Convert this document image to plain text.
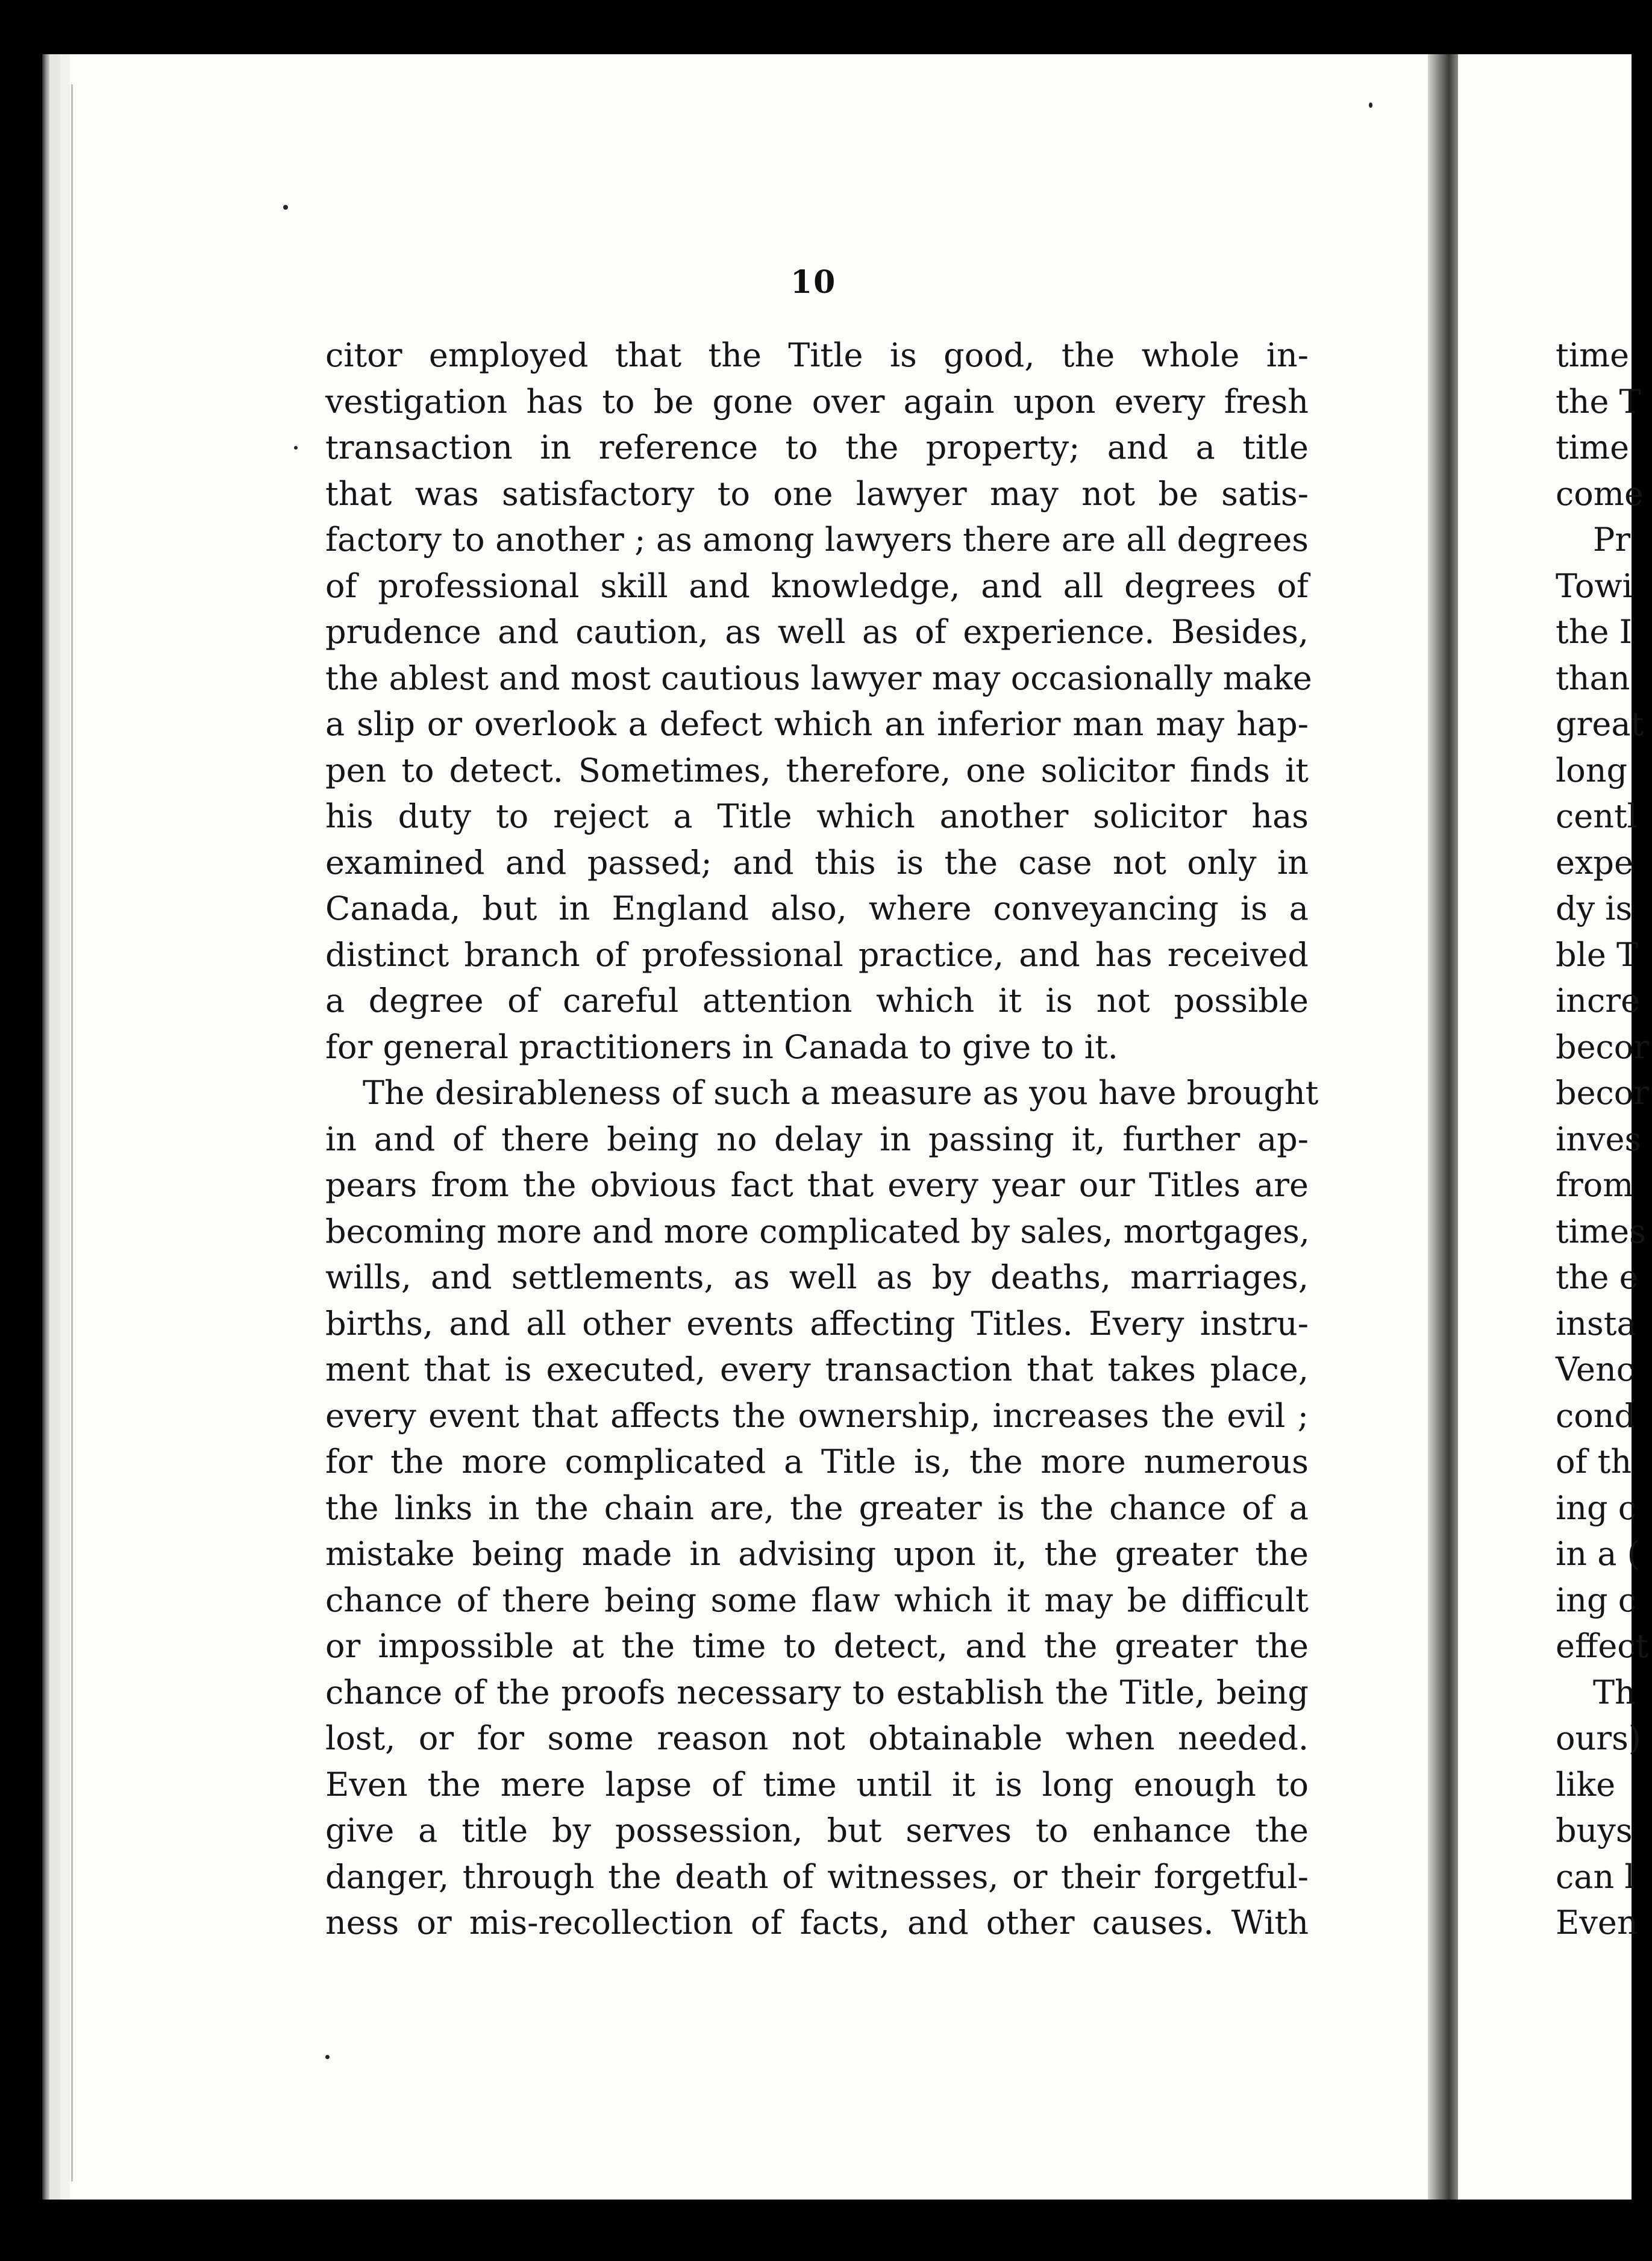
10
citor employed that the Title is good, the whole in-
vestigation has to be gone over again upon every fresh
transaction in reference to the property; and a title
that was satisfactory to one lawyer may not be satis-
factory to another ; as among lawyers there are all degrees
of professional skill and knowledge, and all degrees of
prudence and caution, as well as of experience. Besides,
the ablest and most cautious lawyer may occasionally make
a slip or overlook a defect which an inferior man may hap-
pen to detect. Sometimes, therefore, one solicitor finds it
his duty to reject a Title which another solicitor has
examined and passed; and this is the case not only in
Canada, but in England also, where conveyancing is a
distinct branch of professional practice, and has received
a degree of careful attention which it is not possible
for general practitioners in Canada to give to it.
The desirableness of such a measure as you have brought
in and of there being no delay in passing it, further ap-
pears from the obvious fact that every year our Titles are
becoming more and more complicated by sales, mortgages,
wills, and settlements, as well as by deaths, marriages,
births, and all other events affecting Titles. Every instru-
ment that is executed, every transaction that takes place,
every event that affects the ownership, increases the evil ;
for the more complicated a Title is, the more numerous
the links in the chain are, the greater is the chance of a
mistake being made in advising upon it, the greater the
chance of there being some flaw which it may be difficult
or impossible at the time to detect, and the greater the
chance of the proofs necessary to establish the Title, being
lost, or for some reason not obtainable when needed.
Even the mere lapse of time until it is long enough to
give a title by possession, but serves to enhance the
danger, through the death of witnesses, or their forgetful-
ness or mis-recollection of facts, and other causes. With
time
the T
time
come
Pr
Towi
the I
than
great
long
centl
expe
dy is
ble T
incre
becor
becor
inves
from
times
the e
insta
Venc
cond
of th
ing c
in a (
ing c
effect
Th
ours)
like
buys
can l
Even
